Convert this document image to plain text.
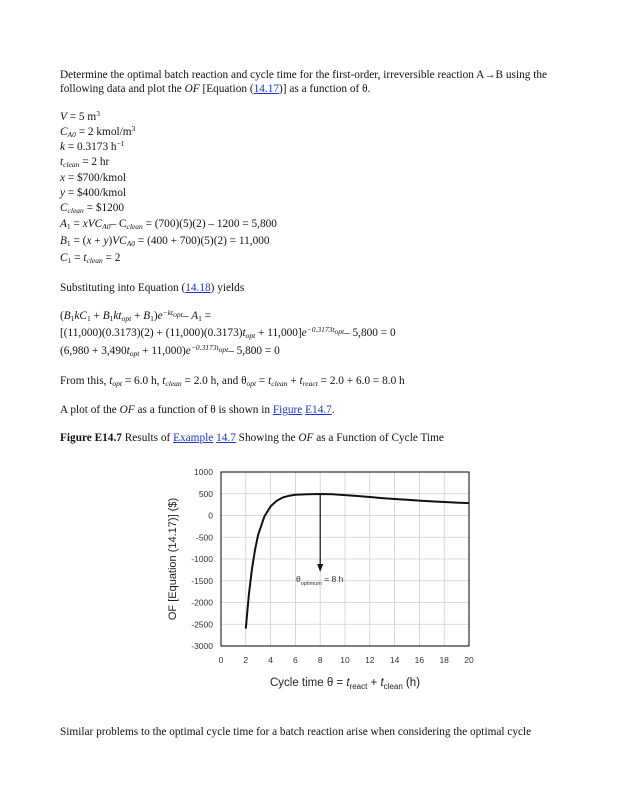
Determine the optimal batch reaction and cycle time for the first-order, irreversible reaction A→B using the following data and plot the OF [Equation (14.17)] as a function of θ.

V = 5 $m^3$
$C_{A0} = 2$ kmol/$m^3$
k = 0.3173 $h^{-1}$
$t_{clean} = 2$ hr
x = $700/kmol
y = $400/kmol
$C_{clean}$ = $1200
$A_1 = xVC_{A0}-$ $C_{clean} = (700)(5)(2) - 1200 = 5,800$
$B_1 = (x + y)VC_{A0} = (400 + 700)(5)(2) = 11,000$
$C_1 = t_{clean} = 2$

Substituting into Equation (14.18) yields

$(B_1kC_1 + B_1kt_{opt} + B_1)e^{-kt_{opt}}-$ $A_1$ =
$[(11,000)(0.3173)(2) + (11,000)(0.3173)t_{opt} + 11,000]e^{-0.3173t_{opt}}-$ 5,800 = 0
$(6,980 + 3,490t_{opt} + 11,000)e^{-0.3173t_{opt}}-$ 5,800 = 0
From this, $t_{opt} = 6.0$ h, $t_{clean} = 2.0$ h, and $\theta_{opt} = t_{clean} + t_{react} = 2.0 + 6.0 = 8.0$ h

A plot of the OF as a function of θ is shown in Figure E14.7.

Figure E14.7 Results of Example 14.7 Showing the OF as a Function of Cycle Time

0 2 4 6 8 10 12 14 16 18 20
1000
500
0
-500
-1000
-1500
-2000
-2500
-3000
$\theta_{optimum} = 8$ h
OF [Equation (14.17)] ($)
Cycle time $\theta = t_{react} + t_{clean}$ (h)

Similar problems to the optimal cycle time for a batch reaction arise when considering the optimal cycle
